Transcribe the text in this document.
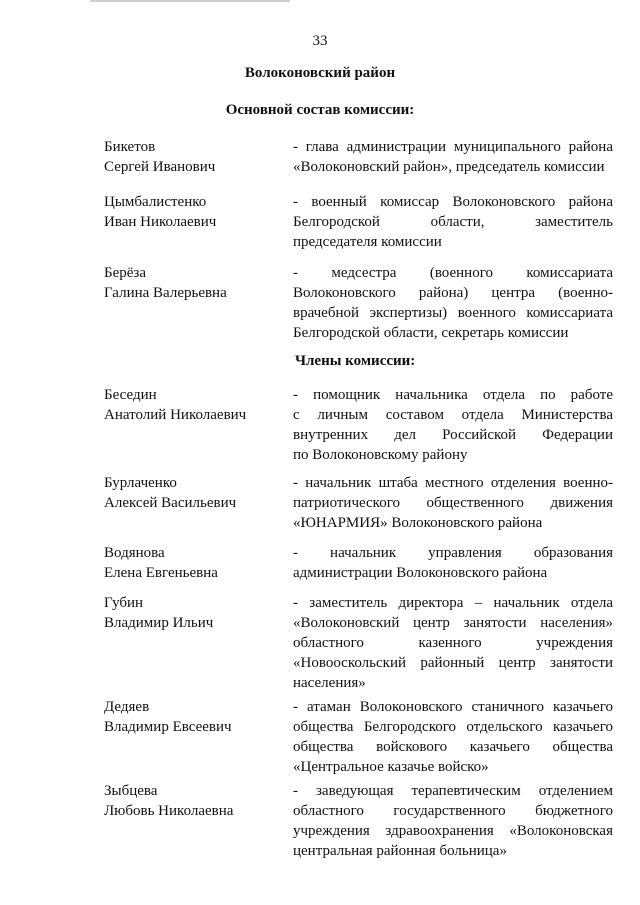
33
Волоконовский район
Основной состав комиссии:
Бикетов
Сергей Иванович
- глава администрации муниципального района
«Волоконовский район», председатель комиссии
Цымбалистенко
Иван Николаевич
- военный комиссар Волоконовского района
Белгородской области, заместитель
председателя комиссии
Берёза
Галина Валерьевна
- медсестра (военного комиссариата
Волоконовского района) центра (военно-
врачебной экспертизы) военного комиссариата
Белгородской области, секретарь комиссии
Члены комиссии:
Беседин
Анатолий Николаевич
- помощник начальника отдела по работе
с личным составом отдела Министерства
внутренних дел Российской Федерации
по Волоконовскому району
Бурлаченко
Алексей Васильевич
- начальник штаба местного отделения военно-
патриотического общественного движения
«ЮНАРМИЯ» Волоконовского района
Водянова
Елена Евгеньевна
- начальник управления образования
администрации Волоконовского района
Губин
Владимир Ильич
- заместитель директора – начальник отдела
«Волоконовский центр занятости населения»
областного казенного учреждения
«Новооскольский районный центр занятости
населения»
Дедяев
Владимир Евсеевич
- атаман Волоконовского станичного казачьего
общества Белгородского отдельского казачьего
общества войскового казачьего общества
«Центральное казачье войско»
Зыбцева
Любовь Николаевна
- заведующая терапевтическим отделением
областного государственного бюджетного
учреждения здравоохранения «Волоконовская
центральная районная больница»
